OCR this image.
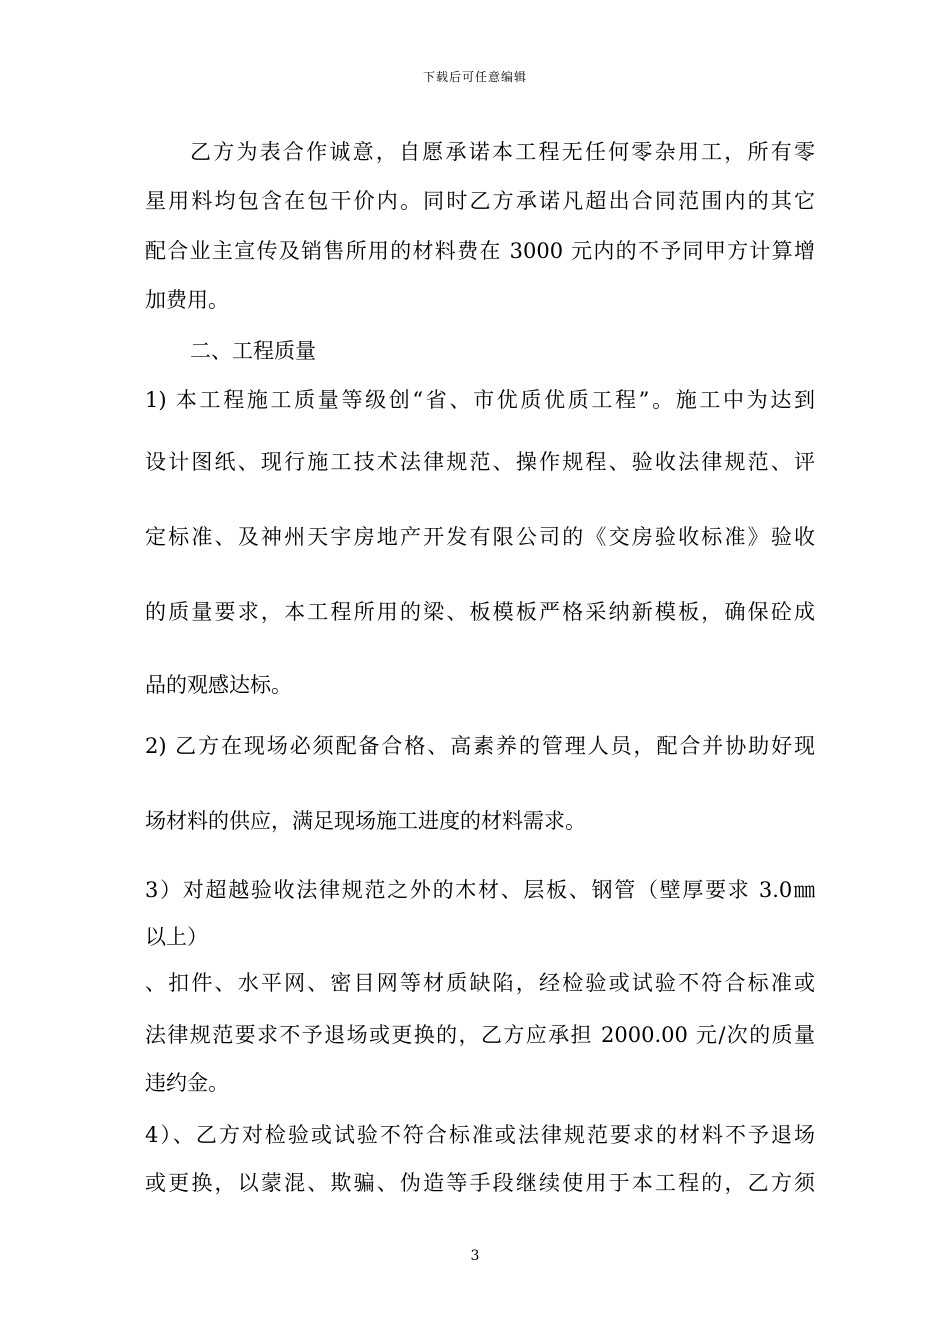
下载后可任意编辑
乙方为表合作诚意，自愿承诺本工程无任何零杂用工，所有零
星用料均包含在包干价内。同时乙方承诺凡超出合同范围内的其它
配合业主宣传及销售所用的材料费在 3000 元内的不予同甲方计算增
加费用。
二、工程质量
1) 本工程施工质量等级创“省、市优质优质工程”。施工中为达到
设计图纸、现行施工技术法律规范、操作规程、验收法律规范、评
定标准、及神州天宇房地产开发有限公司的《交房验收标准》验收
的质量要求，本工程所用的梁、板模板严格采纳新模板，确保砼成
品的观感达标。
2) 乙方在现场必须配备合格、高素养的管理人员，配合并协助好现
场材料的供应，满足现场施工进度的材料需求。
3）对超越验收法律规范之外的木材、层板、钢管（壁厚要求 3.0㎜
以上）
、扣件、水平网、密目网等材质缺陷，经检验或试验不符合标准或
法律规范要求不予退场或更换的，乙方应承担 2000.00 元/次的质量
违约金。
4）、乙方对检验或试验不符合标准或法律规范要求的材料不予退场
或更换，以蒙混、欺骗、伪造等手段继续使用于本工程的，乙方须
3
